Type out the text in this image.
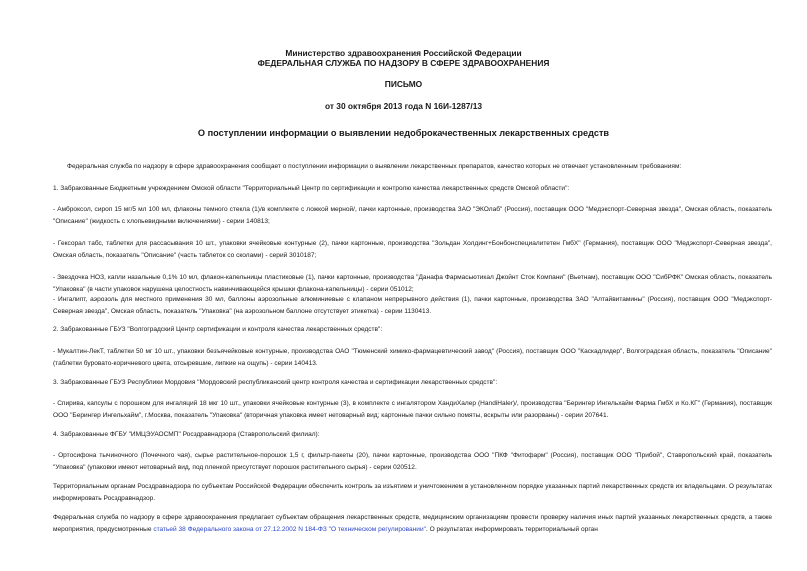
Министерство здравоохранения Российской Федерации
ФЕДЕРАЛЬНАЯ СЛУЖБА ПО НАДЗОРУ В СФЕРЕ ЗДРАВООХРАНЕНИЯ
ПИСЬМО
от 30 октября 2013 года N 16И-1287/13
О поступлении информации о выявлении недоброкачественных лекарственных средств
Федеральная служба по надзору в сфере здравоохранения сообщает о поступлении информации о выявлении лекарственных препаратов, качество которых не отвечает установленным требованиям:
1. Забракованные Бюджетным учреждением Омской области "Территориальный Центр по сертификации и контролю качества лекарственных средств Омской области":
- Амброксол, сироп 15 мг/5 мл 100 мл, флаконы темного стекла (1)/в комплекте с ложкой мерной/, пачки картонные, производства ЗАО "ЭКОлаб" (Россия), поставщик ООО "Медэкспорт-Северная звезда", Омская область, показатель "Описание" (жидкость с хлопьевидными включениями) - серии 140813;
- Гексорал табс, таблетки для рассасывания 10 шт., упаковки ячейковые контурные (2), пачки картонные, производства "Зольдан Холдинг+Бонбонспециалитетен ГмбХ" (Германия), поставщик ООО "Медэкспорт-Северная звезда", Омская область, показатель "Описание" (часть таблеток со сколами) - серий 3010187;
- Звездочка НОЗ, капли назальные 0,1% 10 мл, флакон-капельницы пластиковые (1), пачки картонные, производства "Данафа Фармасьютикал Джойнт Сток Компани" (Вьетнам), поставщик ООО "СибРФК" Омская область, показатель "Упаковка" (в части упаковок нарушена целостность навинчивающейся крышки флакона-капельницы) - серии 051012;
- Ингалипт, аэрозоль для местного применения 30 мл, баллоны аэрозольные алюминиевые с клапаном непрерывного действия (1), пачки картонные, производства ЗАО "Алтайвитамины" (Россия), поставщик ООО "Медэкспорт-Северная звезда", Омская область, показатель "Упаковка" (на аэрозольном баллоне отсутствует этикетка) - серии 1130413.
2. Забракованные ГБУЗ "Волгоградский Центр сертификации и контроля качества лекарственных средств":
- Мукалтин-ЛекТ, таблетки 50 мг 10 шт., упаковки безъячейковые контурные, производства ОАО "Тюменский химико-фармацевтический завод" (Россия), поставщик ООО "Каскадлидер", Волгоградская область, показатель "Описание" (таблетки буровато-коричневого цвета, отсыревшие, липкие на ощупь) - серии 140413.
3. Забракованные ГБУЗ Республики Мордовия "Мордовский республиканский центр контроля качества и сертификации лекарственных средств":
- Спирива, капсулы с порошком для ингаляций 18 мкг 10 шт., упаковки ячейковые контурные (3), в комплекте с ингалятором ХандиХалер (HandiHaler)/, производства "Берингер Ингельхайм Фарма ГмбХ и Ко.КГ" (Германия), поставщик ООО "Берингер Ингельхайм", г.Москва, показатель "Упаковка" (вторичная упаковка имеет нетоварный вид; картонные пачки сильно помяты, вскрыты или разорваны) - серии 207641.
4. Забракованные ФГБУ "ИМЦЭУАОСМП" Росздравнадзора (Ставропольский филиал):
- Ортосифона тычиночного (Почечного чая), сырье растительное-порошок 1,5 г, фильтр-пакеты (20), пачки картонные, производства ООО "ПКФ "Фитофарм" (Россия), поставщик ООО "Прибой", Ставропольский край, показатель "Упаковка" (упаковки имеют нетоварный вид, под пленкой присутствует порошок растительного сырья) - серии 020512.
Территориальным органам Росздравнадзора по субъектам Российской Федерации обеспечить контроль за изъятием и уничтожением в установленном порядке указанных партий лекарственных средств их владельцами. О результатах информировать Росздравнадзор.
Федеральная служба по надзору в сфере здравоохранения предлагает субъектам обращения лекарственных средств, медицинским организациям провести проверку наличия иных партий указанных лекарственных средств, а также мероприятия, предусмотренные статьей 38 Федерального закона от 27.12.2002 N 184-ФЗ "О техническом регулировании". О результатах информировать территориальный орган
